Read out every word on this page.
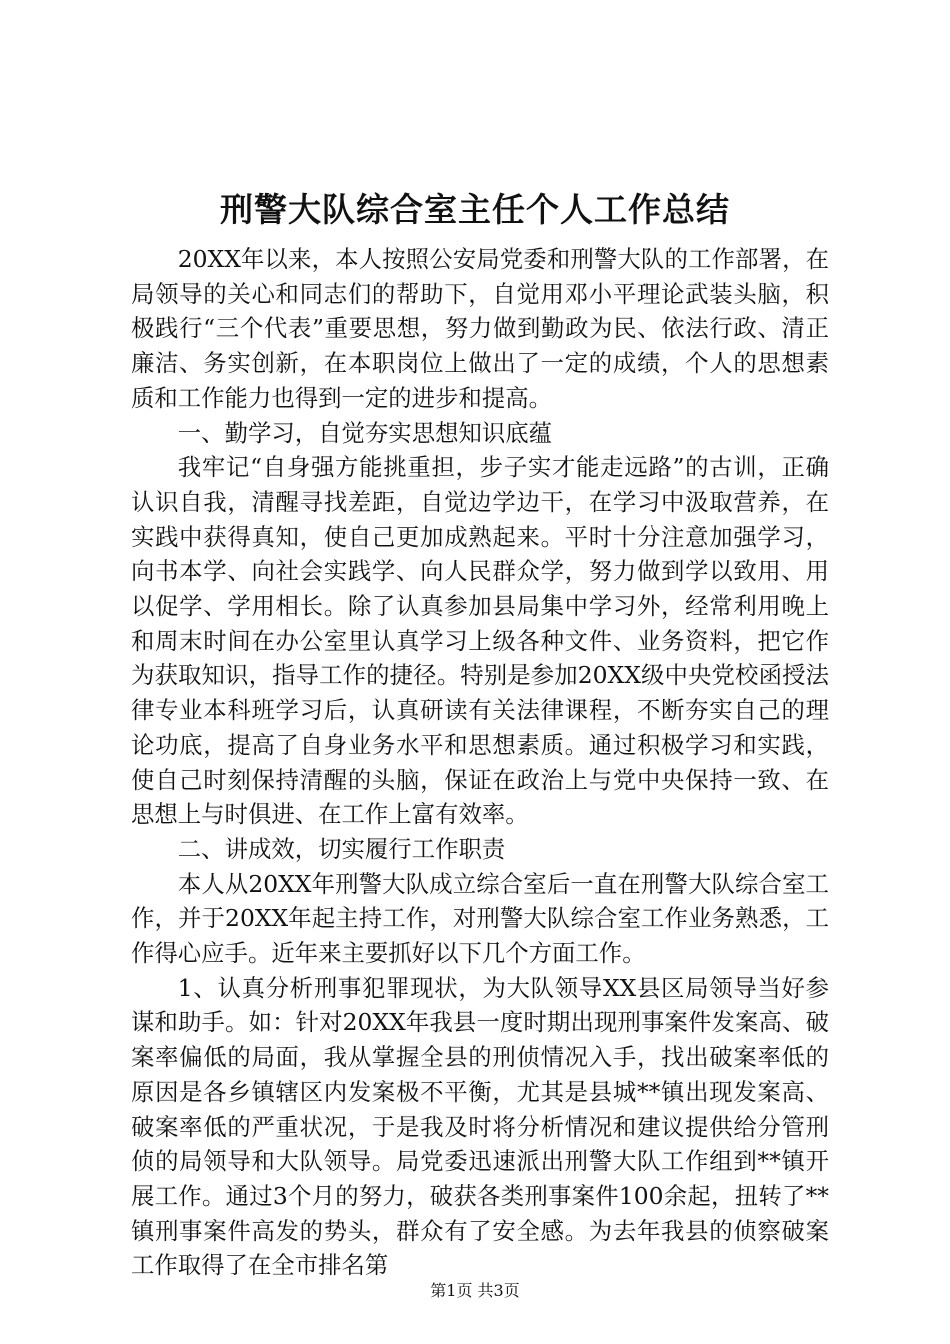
刑警大队综合室主任个人工作总结

20XX年以来，本人按照公安局党委和刑警大队的工作部署，在局领导的关心和同志们的帮助下，自觉用邓小平理论武装头脑，积极践行“三个代表”重要思想，努力做到勤政为民、依法行政、清正廉洁、务实创新，在本职岗位上做出了一定的成绩，个人的思想素质和工作能力也得到一定的进步和提高。

一、勤学习，自觉夯实思想知识底蕴

我牢记“自身强方能挑重担，步子实才能走远路”的古训，正确认识自我，清醒寻找差距，自觉边学边干，在学习中汲取营养，在实践中获得真知，使自己更加成熟起来。平时十分注意加强学习，向书本学、向社会实践学、向人民群众学，努力做到学以致用、用以促学、学用相长。除了认真参加县局集中学习外，经常利用晚上和周末时间在办公室里认真学习上级各种文件、业务资料，把它作为获取知识，指导工作的捷径。特别是参加20XX级中央党校函授法律专业本科班学习后，认真研读有关法律课程，不断夯实自己的理论功底，提高了自身业务水平和思想素质。通过积极学习和实践，使自己时刻保持清醒的头脑，保证在政治上与党中央保持一致、在思想上与时俱进、在工作上富有效率。

二、讲成效，切实履行工作职责

本人从20XX年刑警大队成立综合室后一直在刑警大队综合室工作，并于20XX年起主持工作，对刑警大队综合室工作业务熟悉，工作得心应手。近年来主要抓好以下几个方面工作。

1、认真分析刑事犯罪现状，为大队领导XX县区局领导当好参谋和助手。如：针对20XX年我县一度时期出现刑事案件发案高、破案率偏低的局面，我从掌握全县的刑侦情况入手，找出破案率低的原因是各乡镇辖区内发案极不平衡，尤其是县城**镇出现发案高、破案率低的严重状况，于是我及时将分析情况和建议提供给分管刑侦的局领导和大队领导。局党委迅速派出刑警大队工作组到**镇开展工作。通过3个月的努力，破获各类刑事案件100余起，扭转了**镇刑事案件高发的势头，群众有了安全感。为去年我县的侦察破案工作取得了在全市排名第

第1页 共3页
